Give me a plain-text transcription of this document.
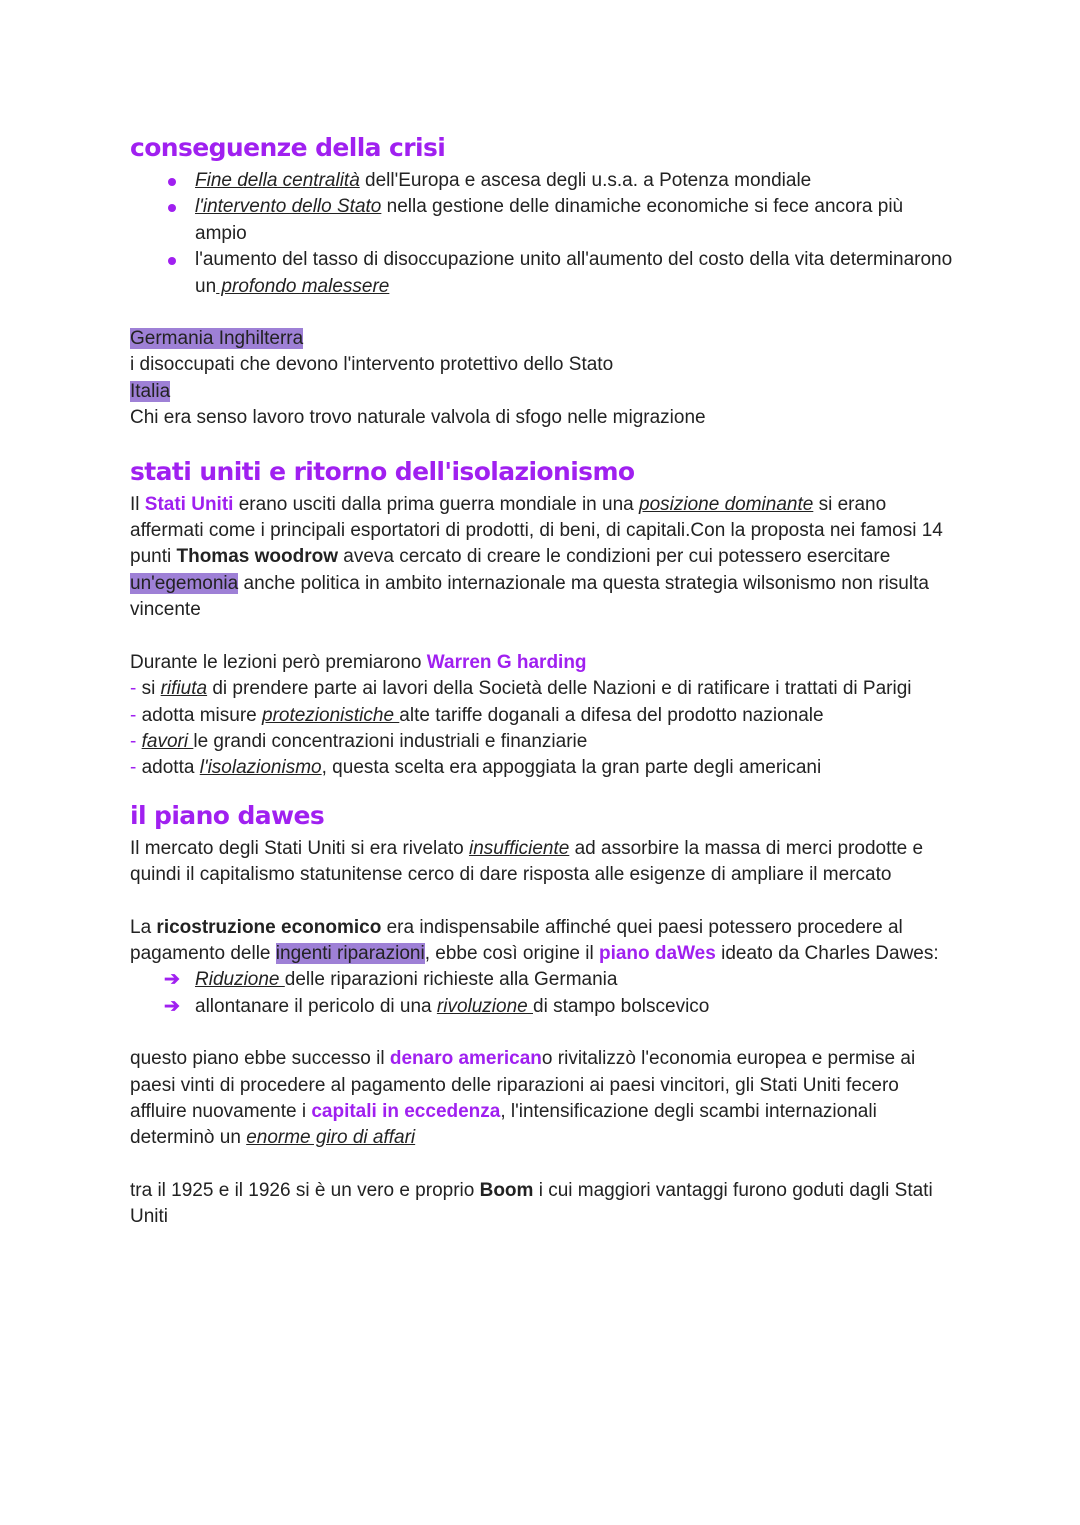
conseguenze della crisi
Fine della centralità dell'Europa e ascesa degli u.s.a. a Potenza mondiale
l'intervento dello Stato nella gestione delle dinamiche economiche si fece ancora più ampio
l'aumento del tasso di disoccupazione unito all'aumento del costo della vita determinarono un profondo malessere

Germania Inghilterra

i disoccupati che devono l'intervento protettivo dello Stato

Italia

Chi era senso lavoro trovo naturale valvola di sfogo nelle migrazione

stati uniti e ritorno dell'isolazionismo

Il Stati Uniti erano usciti dalla prima guerra mondiale in una posizione dominante si erano affermati come i principali esportatori di prodotti, di beni, di capitali.Con la proposta nei famosi 14 punti Thomas woodrow aveva cercato di creare le condizioni per cui potessero esercitare un'egemonia anche politica in ambito internazionale ma questa strategia wilsonismo non risulta vincente

Durante le lezioni però premiarono Warren G harding

- si rifiuta di prendere parte ai lavori della Società delle Nazioni e di ratificare i trattati di Parigi
- adotta misure protezionistiche alte tariffe doganali a difesa del prodotto nazionale
- favori le grandi concentrazioni industriali e finanziarie
- adotta l'isolazionismo, questa scelta era appoggiata la gran parte degli americani
il piano dawes

Il mercato degli Stati Uniti si era rivelato insufficiente ad assorbire la massa di merci prodotte e quindi il capitalismo statunitense cerco di dare risposta alle esigenze di ampliare il mercato

La ricostruzione economico era indispensabile affinché quei paesi potessero procedere al pagamento delle ingenti riparazioni, ebbe così origine il piano daWes ideato da Charles Dawes:

➔ Riduzione delle riparazioni richieste alla Germania
➔ allontanare il pericolo di una rivoluzione di stampo bolscevico

questo piano ebbe successo il denaro americano rivitalizzò l'economia europea e permise ai paesi vinti di procedere al pagamento delle riparazioni ai paesi vincitori, gli Stati Uniti fecero affluire nuovamente i capitali in eccedenza, l'intensificazione degli scambi internazionali determinò un enorme giro di affari

tra il 1925 e il 1926 si è un vero e proprio Boom i cui maggiori vantaggi furono goduti dagli Stati Uniti
